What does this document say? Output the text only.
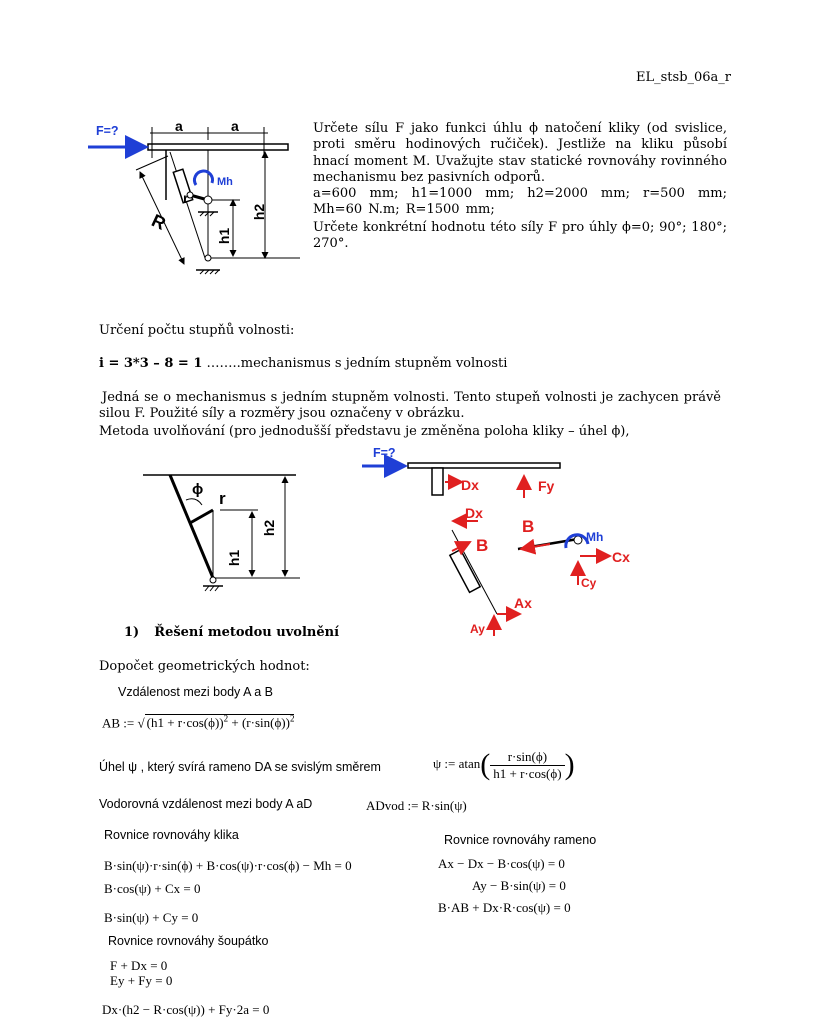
EL_stsb_06a_r
F=?	a	a
Mh
r
R
h1
h2
Určete sílu F jako funkci úhlu ϕ natočení kliky (od svislice, proti směru hodinových ručiček). Jestliže na kliku působí hnací moment M. Uvažujte stav statické rovnováhy rovinného mechanismu bez pasivních odporů.
a=600 mm; h1=1000 mm; h2=2000 mm; r=500 mm; Mh=60 N.m; R=1500 mm;
Určete konkrétní hodnotu této síly F pro úhly ϕ=0; 90°; 180°; 270°.
Určení počtu stupňů volnosti:
i = 3*3 – 8 = 1 ……..mechanismus s jedním stupněm volnosti
Jedná se o mechanismus s jedním stupněm volnosti. Tento stupeň volnosti je zachycen právě silou F. Použité síly a rozměry jsou označeny v obrázku.
Metoda uvolňování (pro jednodušší představu je změněna poloha kliky – úhel ϕ),
ϕ r
h1
h2
F=?
Dx	Fy
Dx
B
B
Mh
Cx
Cy
Ax
Ay
1) Řešení metodou uvolnění
Dopočet geometrických hodnot:
Vzdálenost mezi body A a B
AB := √ $(h1 + r\cdot\cos(\phi))^2 + (r\cdot\sin(\phi))^2$
Úhel ψ , který svírá rameno DA se svislým směrem	ψ := $atan( \frac{r\cdot\sin(\phi)}{h1 + r\cdot\cos(\phi)}$ )
Vodorovná vzdálenost mezi body A aD	ADvod := R·sin(ψ)
Rovnice rovnováhy klika
B·sin(ψ)·r·sin(ϕ) + B·cos(ψ)·r·cos(ϕ) − Mh = 0
B·cos(ψ) + Cx = 0
B·sin(ψ) + Cy = 0
Rovnice rovnováhy rameno
Ax − Dx − B·cos(ψ) = 0
Ay − B·sin(ψ) = 0
B·AB + Dx·R·cos(ψ) = 0
Rovnice rovnováhy šoupátko
F + Dx = 0
Ey + Fy = 0
Dx·(h2 − R·cos(ψ)) + Fy·2a = 0
